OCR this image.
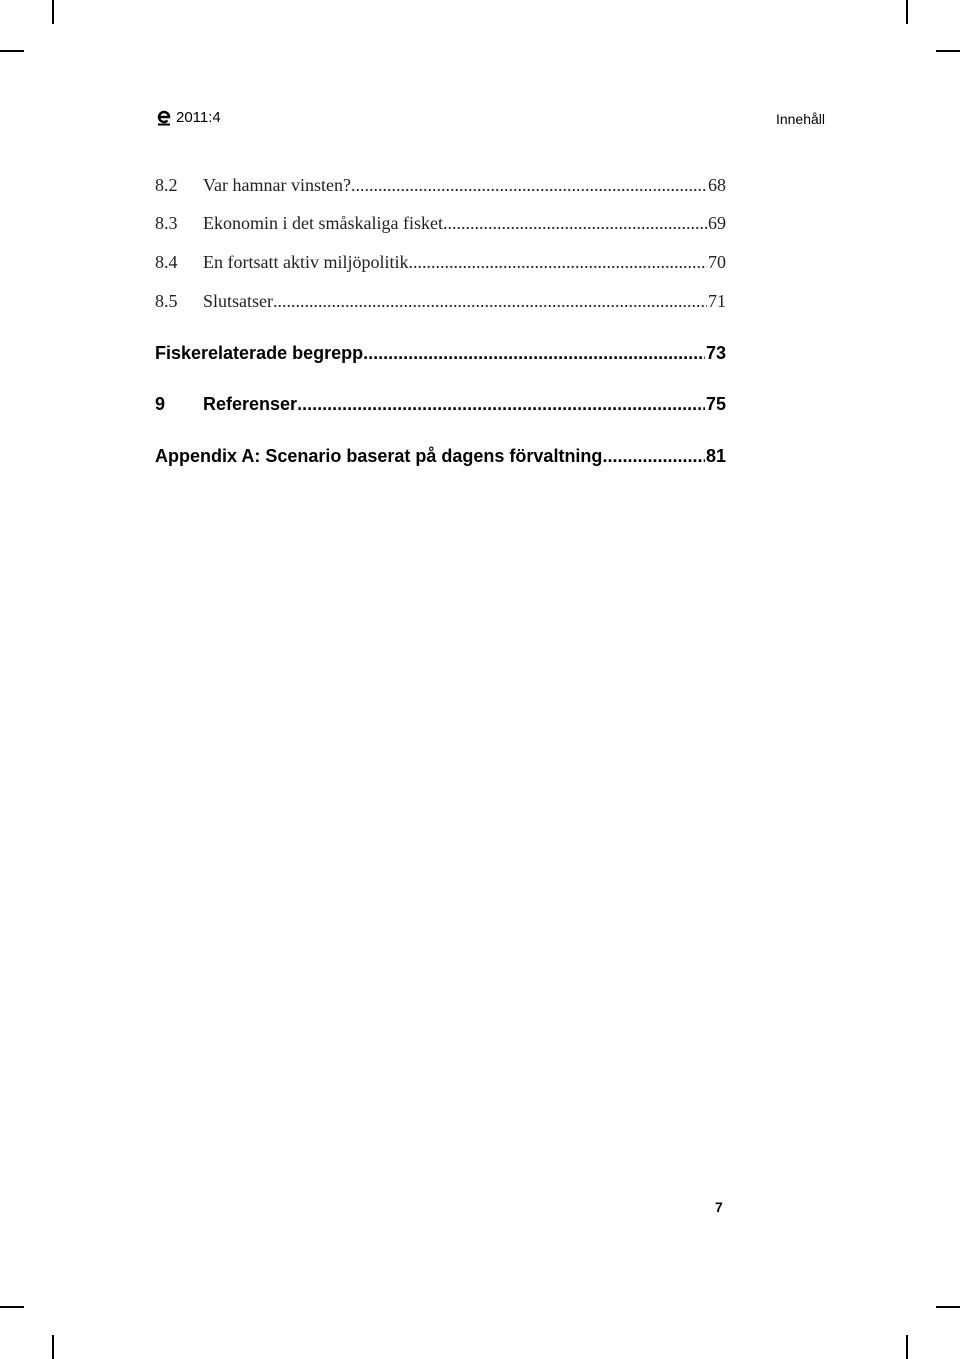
2011:4	Innehåll
8.2	Var hamnar vinsten? .....	68
8.3	Ekonomin i det småskaliga fisket .....	69
8.4	En fortsatt aktiv miljöpolitik .....	70
8.5	Slutsatser .....	71
Fiskerelaterade begrepp .....	73
9	Referenser .....	75
Appendix A: Scenario baserat på dagens förvaltning .....	81
7
